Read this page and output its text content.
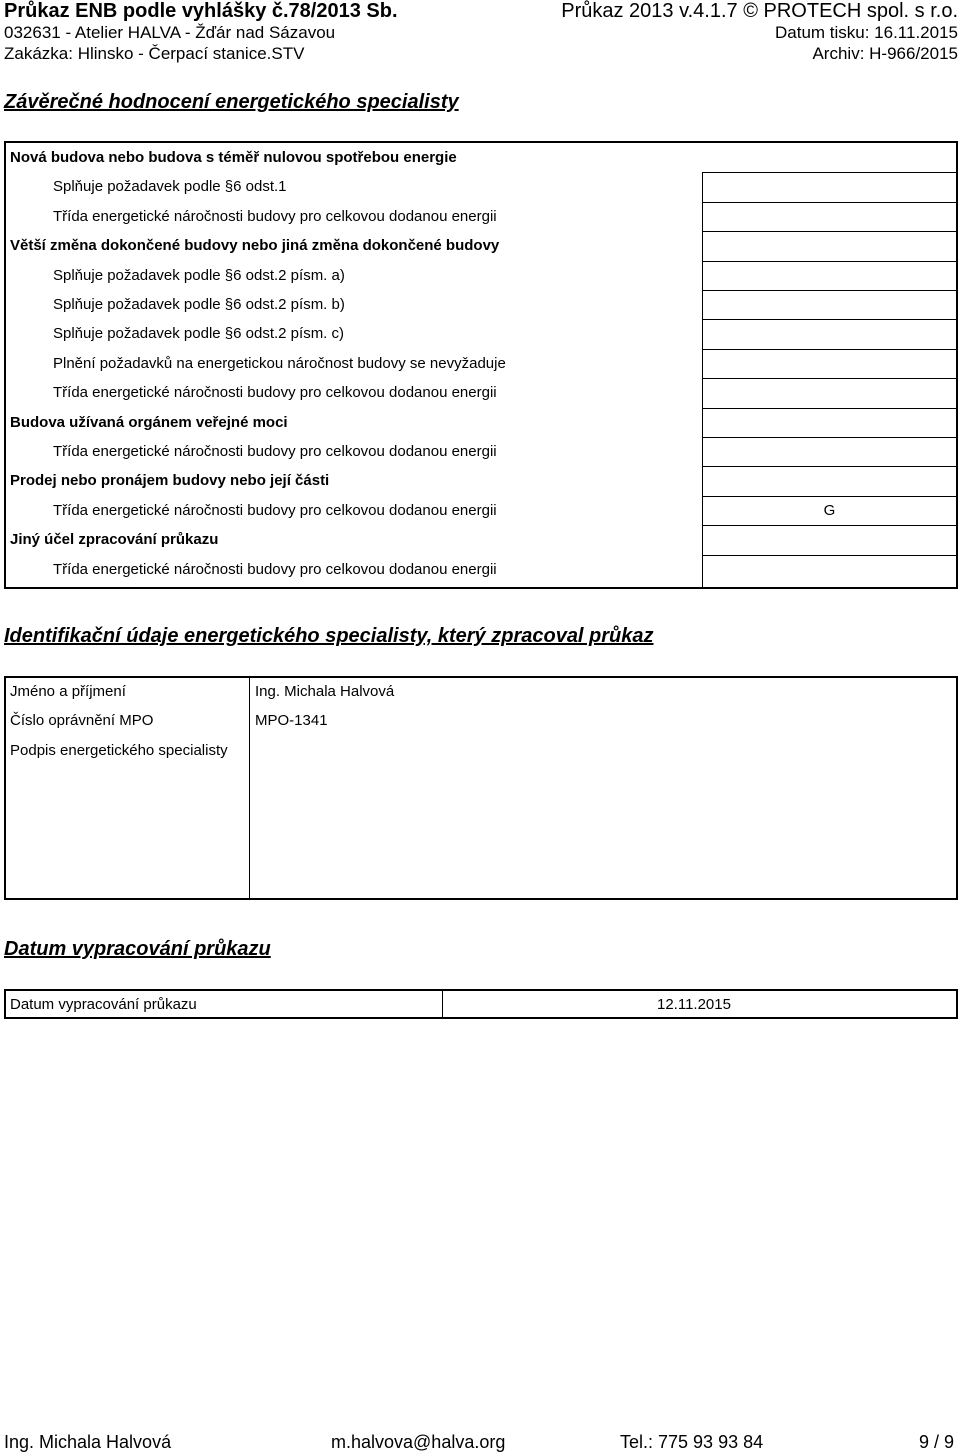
Průkaz ENB podle vyhlášky č.78/2013 Sb.	Průkaz 2013 v.4.1.7 © PROTECH spol. s r.o.
032631 - Atelier HALVA - Žďár nad Sázavou	Datum tisku: 16.11.2015
Zakázka: Hlinsko - Čerpací stanice.STV	Archiv: H-966/2015
Závěrečné hodnocení energetického specialisty
Nová budova nebo budova s téměř nulovou spotřebou energie
Splňuje požadavek podle §6 odst.1
Třída energetické náročnosti budovy pro celkovou dodanou energii
Větší změna dokončené budovy nebo jiná změna dokončené budovy
Splňuje požadavek podle §6 odst.2 písm. a)
Splňuje požadavek podle §6 odst.2 písm. b)
Splňuje požadavek podle §6 odst.2 písm. c)
Plnění požadavků na energetickou náročnost budovy se nevyžaduje
Třída energetické náročnosti budovy pro celkovou dodanou energii
Budova užívaná orgánem veřejné moci
Třída energetické náročnosti budovy pro celkovou dodanou energii
Prodej nebo pronájem budovy nebo její části
Třída energetické náročnosti budovy pro celkovou dodanou energii	G
Jiný účel zpracování průkazu
Třída energetické náročnosti budovy pro celkovou dodanou energii
Identifikační údaje energetického specialisty, který zpracoval průkaz
Jméno a příjmení	Ing. Michala Halvová
Číslo oprávnění MPO	MPO-1341
Podpis energetického specialisty
Datum vypracování průkazu
Datum vypracování průkazu	12.11.2015
Ing. Michala Halvová	m.halvova@halva.org	Tel.: 775 93 93 84	9 / 9
